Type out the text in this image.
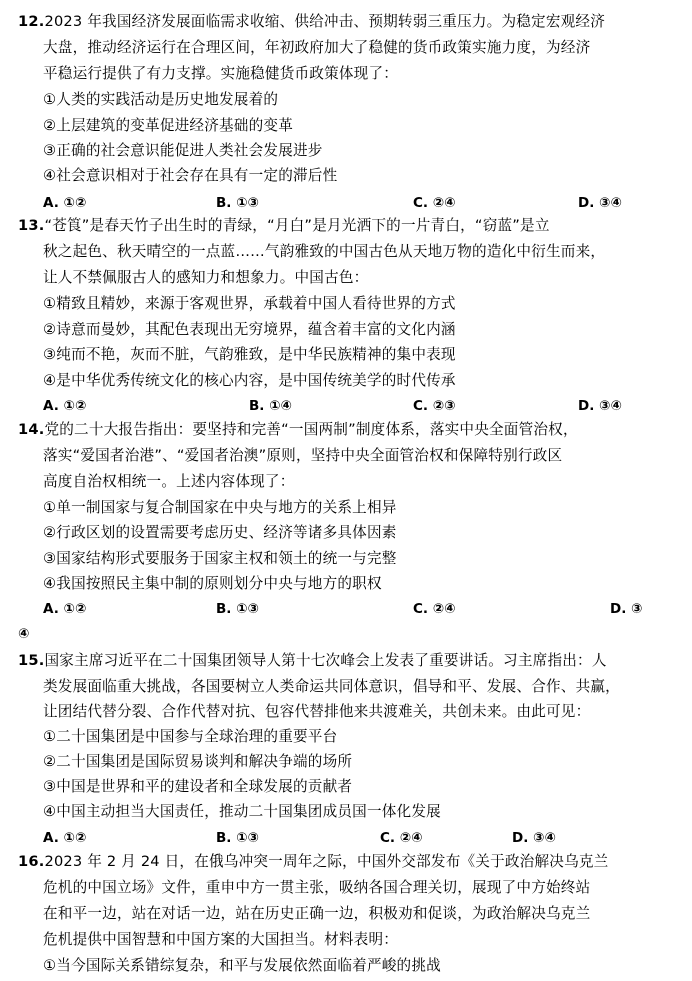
12.2023 年我国经济发展面临需求收缩、供给冲击、预期转弱三重压力。为稳定宏观经济
大盘，推动经济运行在合理区间，年初政府加大了稳健的货币政策实施力度，为经济
平稳运行提供了有力支撑。实施稳健货币政策体现了：
①人类的实践活动是历史地发展着的
②上层建筑的变革促进经济基础的变革
③正确的社会意识能促进人类社会发展进步
④社会意识相对于社会存在具有一定的滞后性
A. ①②	B. ①③	C. ②④	D. ③④
13.“苍筤”是春天竹子出生时的青绿，“月白”是月光洒下的一片青白，“窃蓝”是立
秋之起色、秋天晴空的一点蓝……气韵雅致的中国古色从天地万物的造化中衍生而来，
让人不禁佩服古人的感知力和想象力。中国古色：
①精致且精妙，来源于客观世界，承载着中国人看待世界的方式
②诗意而曼妙，其配色表现出无穷境界，蕴含着丰富的文化内涵
③纯而不艳，灰而不脏，气韵雅致，是中华民族精神的集中表现
④是中华优秀传统文化的核心内容，是中国传统美学的时代传承
A. ①②	B. ①④	C. ②③	D. ③④
14.党的二十大报告指出：要坚持和完善“一国两制”制度体系，落实中央全面管治权，
落实“爱国者治港”、“爱国者治澳”原则，坚持中央全面管治权和保障特别行政区
高度自治权相统一。上述内容体现了：
①单一制国家与复合制国家在中央与地方的关系上相异
②行政区划的设置需要考虑历史、经济等诸多具体因素
③国家结构形式要服务于国家主权和领土的统一与完整
④我国按照民主集中制的原则划分中央与地方的职权
A. ①②	B. ①③	C. ②④	D. ③
④
15.国家主席习近平在二十国集团领导人第十七次峰会上发表了重要讲话。习主席指出：人
类发展面临重大挑战，各国要树立人类命运共同体意识，倡导和平、发展、合作、共赢，
让团结代替分裂、合作代替对抗、包容代替排他来共渡难关，共创未来。由此可见：
①二十国集团是中国参与全球治理的重要平台
②二十国集团是国际贸易谈判和解决争端的场所
③中国是世界和平的建设者和全球发展的贡献者
④中国主动担当大国责任，推动二十国集团成员国一体化发展
A. ①②	B. ①③	C. ②④	D. ③④
16.2023 年 2 月 24 日，在俄乌冲突一周年之际，中国外交部发布《关于政治解决乌克兰
危机的中国立场》文件，重申中方一贯主张，吸纳各国合理关切，展现了中方始终站
在和平一边，站在对话一边，站在历史正确一边，积极劝和促谈，为政治解决乌克兰
危机提供中国智慧和中国方案的大国担当。材料表明：
①当今国际关系错综复杂，和平与发展依然面临着严峻的挑战
